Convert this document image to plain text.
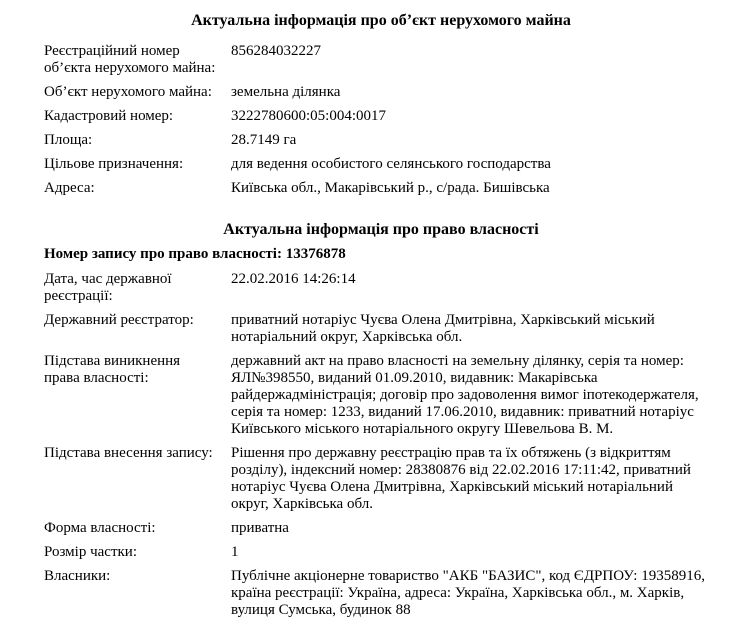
Актуальна інформація про об’єкт нерухомого майна
Реєстраційний номер об’єкта нерухомого майна:
856284032227
Об’єкт нерухомого майна:	земельна ділянка
Кадастровий номер:	3222780600:05:004:0017
Площа:	28.7149 га
Цільове призначення:	для ведення особистого селянського господарства
Адреса:	Київська обл., Макарівський р., с/рада. Бишівська
Актуальна інформація про право власності
Номер запису про право власності: 13376878
Дата, час державної реєстрації:
22.02.2016 14:26:14
Державний реєстратор:	приватний нотаріус Чуєва Олена Дмитрівна, Харківський міський нотаріальний округ, Харківська обл.
Підстава виникнення права власності:
державний акт на право власності на земельну ділянку, серія та номер: ЯЛ№398550, виданий 01.09.2010, видавник: Макарівська райдержадміністрація; договір про задоволення вимог іпотекодержателя, серія та номер: 1233, виданий 17.06.2010, видавник: приватний нотаріус Київського міського нотаріального округу Шевельова В. М.
Підстава внесення запису:	Рішення про державну реєстрацію прав та їх обтяжень (з відкриттям розділу), індексний номер: 28380876 від 22.02.2016 17:11:42, приватний нотаріус Чуєва Олена Дмитрівна, Харківський міський нотаріальний округ, Харківська обл.
Форма власності:	приватна
Розмір частки:	1
Власники:	Публічне акціонерне товариство "АКБ "БАЗИС", код ЄДРПОУ: 19358916, країна реєстрації: Україна, адреса: Україна, Харківська обл., м. Харків, вулиця Сумська, будинок 88
